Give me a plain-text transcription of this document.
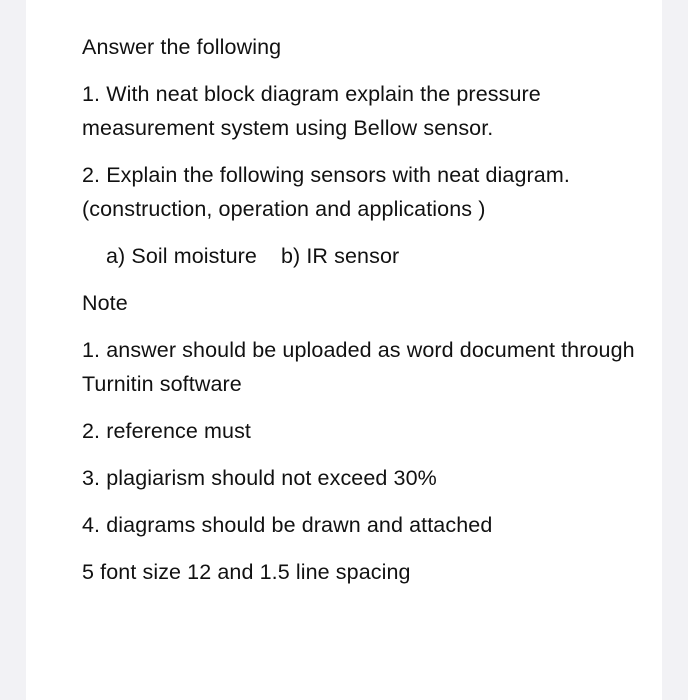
Answer the following

1. With neat block diagram explain the pressure measurement system using Bellow sensor.

2. Explain the following sensors with neat diagram. (construction, operation and applications )

a) Soil moisture b) IR sensor

Note

1. answer should be uploaded as word document through Turnitin software

2. reference must

3. plagiarism should not exceed 30%

4. diagrams should be drawn and attached

5 font size 12 and 1.5 line spacing
